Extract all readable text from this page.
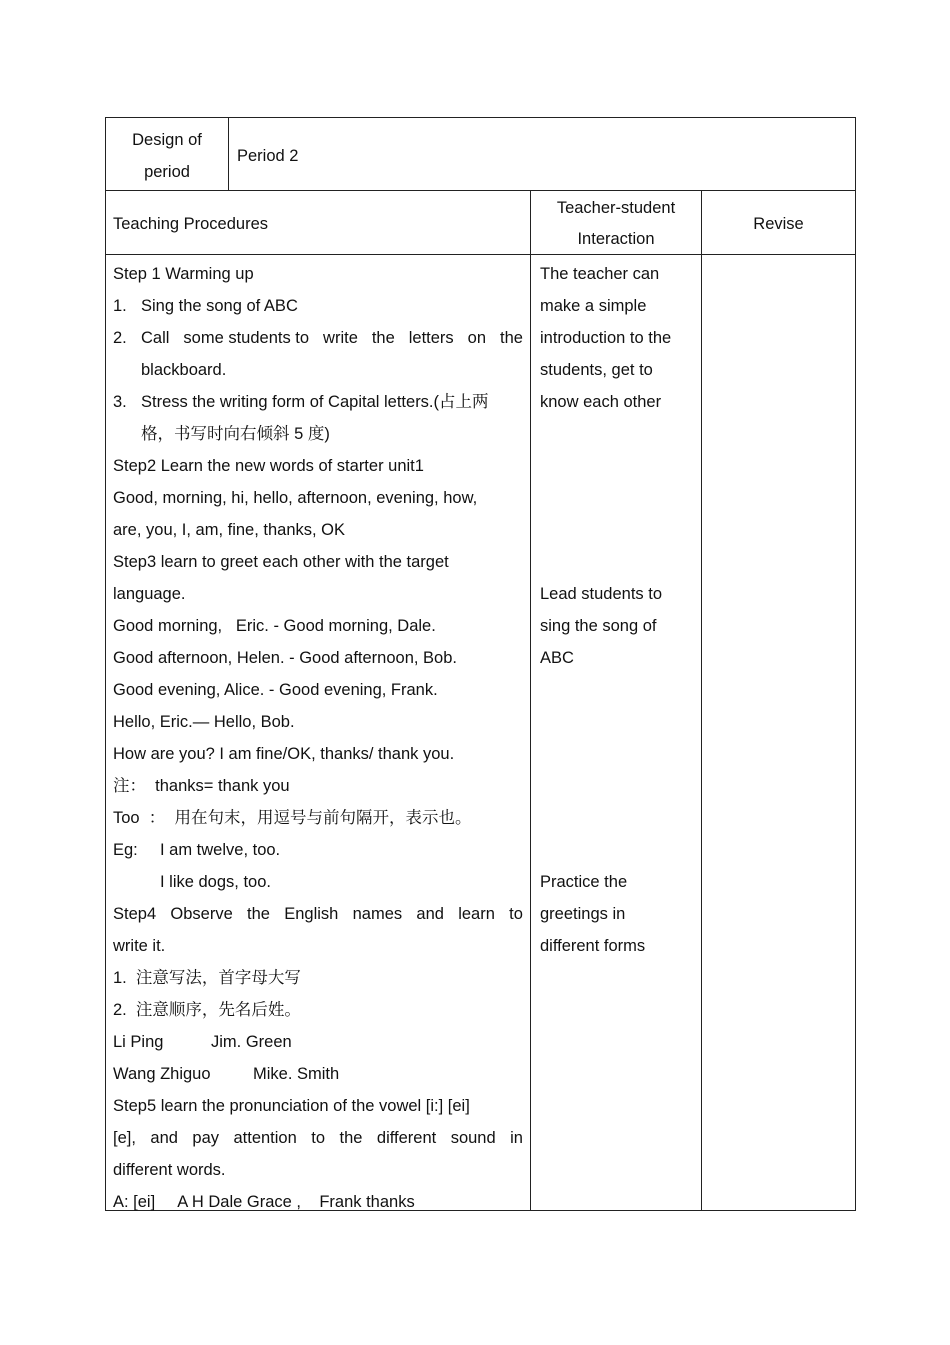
Design of
period
Period 2
Teaching Procedures
Teacher-student
Interaction
Revise
Step 1 Warming up
1. Sing the song of ABC
2. Call some students to write the letters on the
blackboard.
3. Stress the writing form of Capital letters.(占上两
格，书写时向右倾斜 5 度)
Step2 Learn the new words of starter unit1
Good, morning, hi, hello, afternoon, evening, how,
are, you, I, am, fine, thanks, OK
Step3 learn to greet each other with the target
language.
Good morning,   Eric. - Good morning, Dale.
Good afternoon, Helen. - Good afternoon, Bob.
Good evening, Alice. - Good evening, Frank.
Hello, Eric.— Hello, Bob.
How are you? I am fine/OK, thanks/ thank you.
注：  thanks= thank you
Too  ：  用在句末，用逗号与前句隔开，表示也。
Eg: I am twelve, too.
I like dogs, too.
Step4 Observe the English names and learn to
write it.
1.  注意写法，首字母大写
2.  注意顺序，先名后姓。
Li Ping	Jim. Green
Wang Zhiguo	Mike. Smith
Step5 learn the pronunciation of the vowel [i:] [ei]
[e], and pay attention to the different sound in
different words.
A: [ei]     A H Dale Grace ,    Frank thanks
The teacher can
make a simple
introduction to the
students, get to
know each other
Lead students to
sing the song of
ABC
Practice the
greetings in
different forms
